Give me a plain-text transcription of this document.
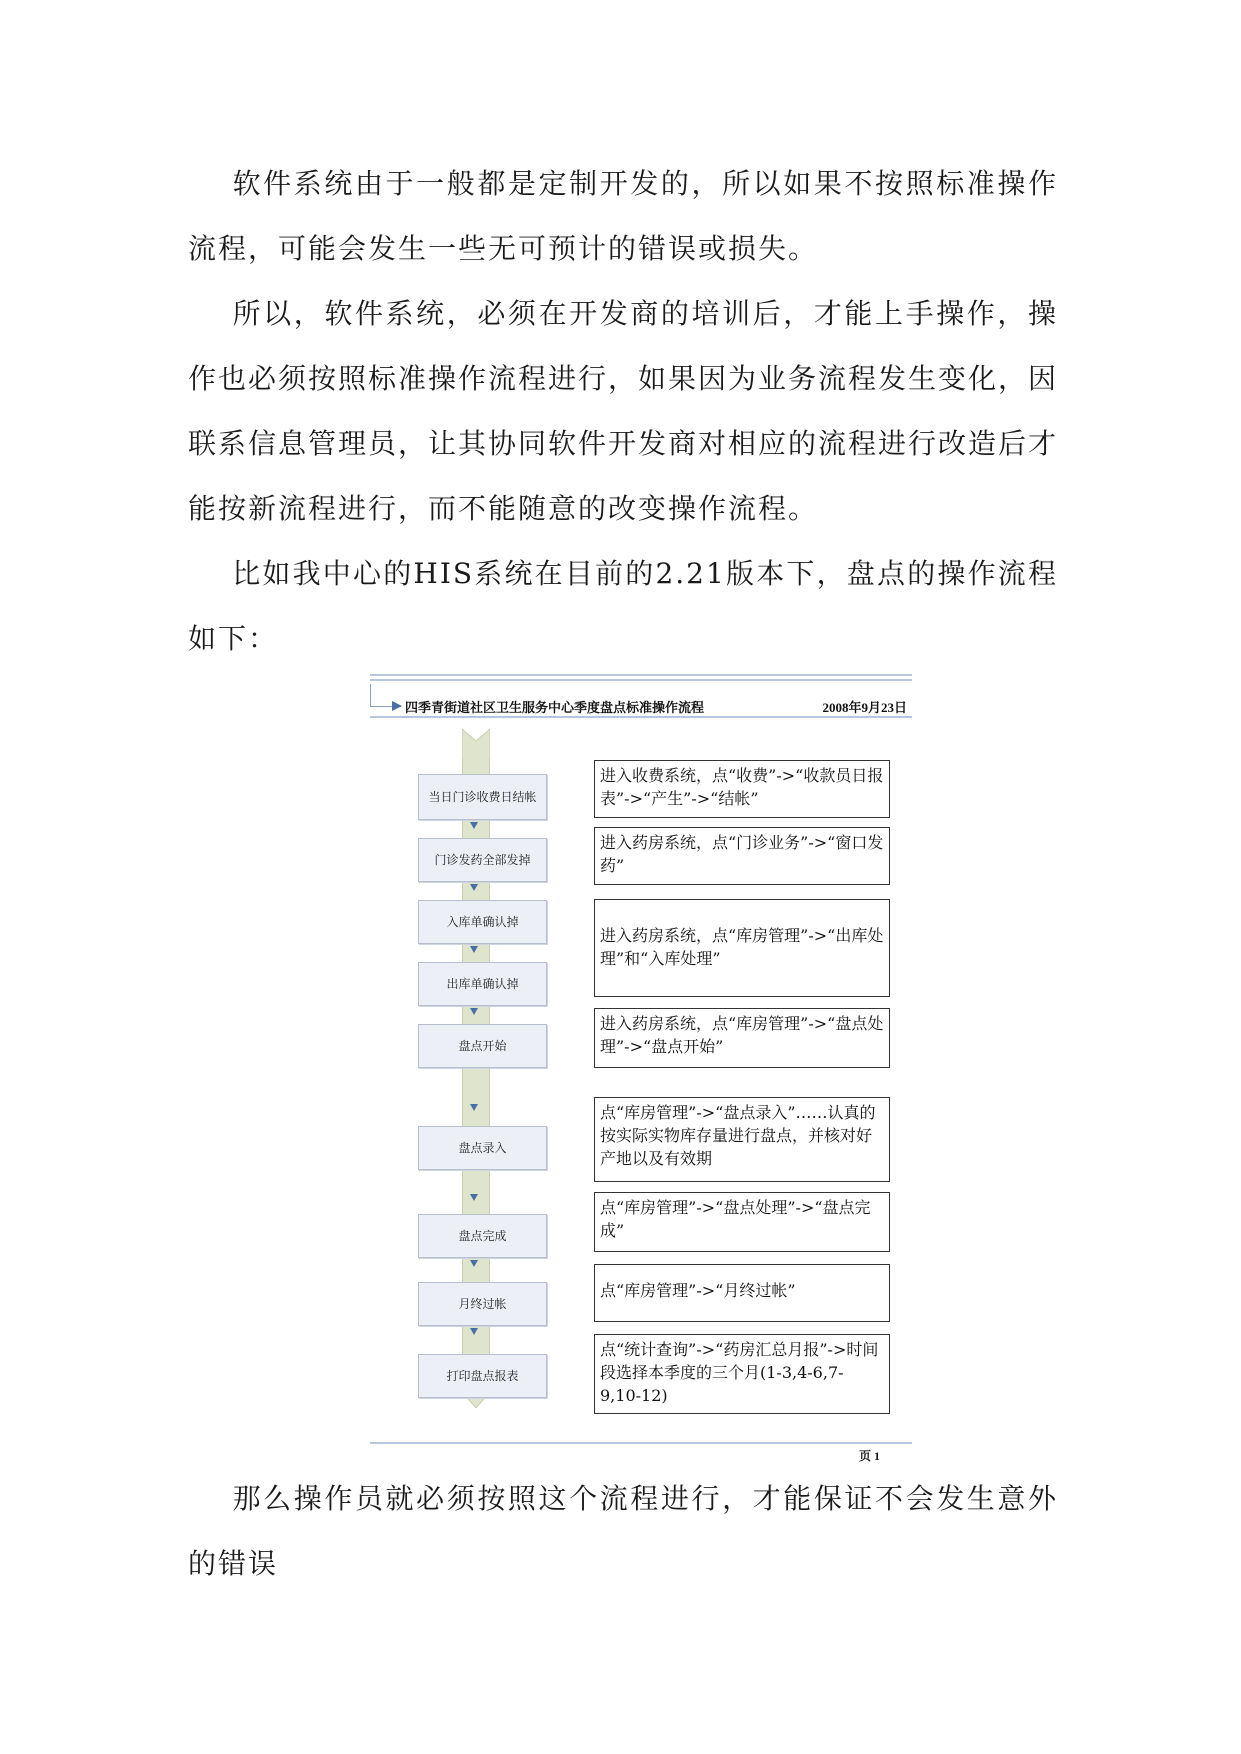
软件系统由于一般都是定制开发的，所以如果不按照标准操作流程，可能会发生一些无可预计的错误或损失。

所以，软件系统，必须在开发商的培训后，才能上手操作，操作也必须按照标准操作流程进行，如果因为业务流程发生变化，因联系信息管理员，让其协同软件开发商对相应的流程进行改造后才能按新流程进行，而不能随意的改变操作流程。

比如我中心的HIS系统在目前的2.21版本下，盘点的操作流程如下：

四季青街道社区卫生服务中心季度盘点标准操作流程	2008年9月23日
当日门诊收费日结帐
门诊发药全部发掉
入库单确认掉
出库单确认掉
盘点开始
盘点录入
盘点完成
月终过帐
打印盘点报表
进入收费系统，点“收费”->“收款员日报表”->“产生”->“结帐”
进入药房系统，点“门诊业务”->“窗口发药”
进入药房系统，点“库房管理”->“出库处理”和“入库处理”
进入药房系统，点“库房管理”->“盘点处理”->“盘点开始”
点“库房管理”->“盘点录入”……认真的按实际实物库存量进行盘点，并核对好产地以及有效期
点“库房管理”->“盘点处理”->“盘点完成”
点“库房管理”->“月终过帐”
点“统计查询”->“药房汇总月报”->时间段选择本季度的三个月(1-3,4-6,7-9,10-12)
页 1

那么操作员就必须按照这个流程进行，才能保证不会发生意外的错误
